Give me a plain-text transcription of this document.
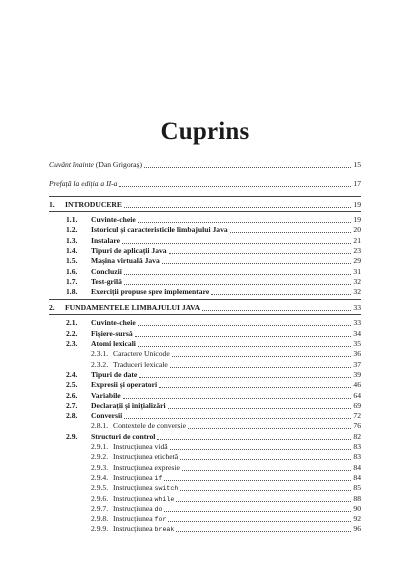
Cuprins
Cuvânt înainte (Dan Grigoraș)	15
Prefață la ediția a II-a	17
1.	INTRODUCERE	19
1.1.	Cuvinte-cheie	19
1.2.	Istoricul și caracteristicile limbajului Java	20
1.3.	Instalare	21
1.4.	Tipuri de aplicații Java	23
1.5.	Mașina virtuală Java	29
1.6.	Concluzii	31
1.7.	Test-grilă	32
1.8.	Exerciții propuse spre implementare	32
2.	FUNDAMENTELE LIMBAJULUI JAVA	33
2.1.	Cuvinte-cheie	33
2.2.	Fișiere-sursă	34
2.3.	Atomi lexicali	35
2.3.1. Caractere Unicode	36
2.3.2. Traduceri lexicale	37
2.4.	Tipuri de date	39
2.5.	Expresii și operatori	46
2.6.	Variabile	64
2.7.	Declarații și inițializări	69
2.8.	Conversii	72
2.8.1. Contextele de conversie	76
2.9.	Structuri de control	82
2.9.1. Instrucțiunea vidă	83
2.9.2. Instrucțiunea etichetă	83
2.9.3. Instrucțiunea expresie	84
2.9.4. Instrucțiunea if	84
2.9.5. Instrucțiunea switch	85
2.9.6. Instrucțiunea while	88
2.9.7. Instrucțiunea do	90
2.9.8. Instrucțiunea for	92
2.9.9. Instrucțiunea break	96
